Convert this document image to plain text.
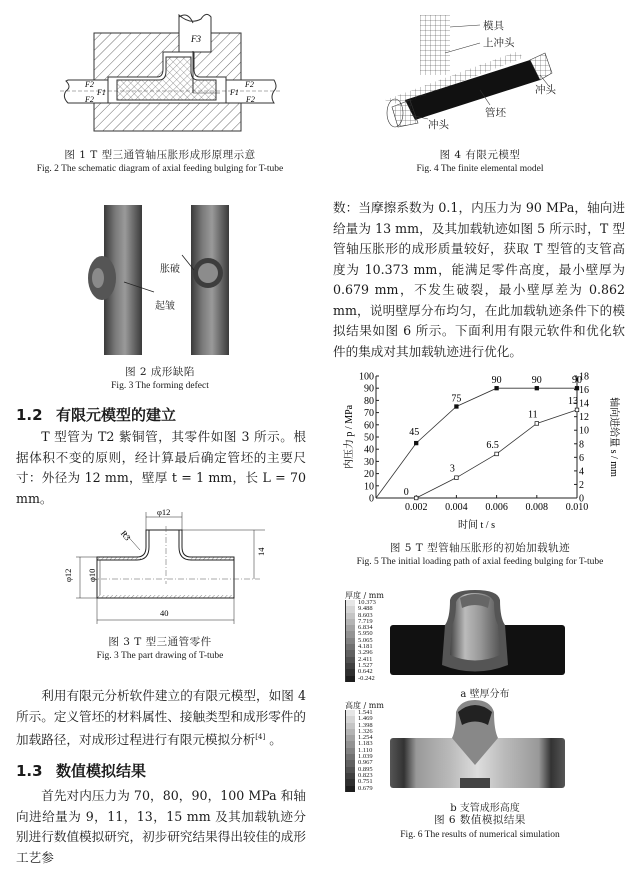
F3
F2
F1
F2
F2
F1
F2
图 1 T 型三通管轴压胀形成形原理示意
Fig. 2 The schematic diagram of axial feeding bulging for T-tube
胀破
起皱
图 2 成形缺陷
Fig. 3 The forming defect
1.2 有限元模型的建立

T 型管为 T2 紫铜管，其零件如图 3 所示。根据体积不变的原则，经计算最后确定管坯的主要尺寸：外径为 12 mm，壁厚 t = 1 mm，长 L = 70 mm。

φ12
R3
φ12 φ10
14
40
图 3 T 型三通管零件
Fig. 3 The part drawing of T-tube

利用有限元分析软件建立的有限元模型，如图 4 所示。定义管坯的材料属性、接触类型和成形零件的加载路径，对成形过程进行有限元模拟分析[4] 。

1.3 数值模拟结果

首先对内压力为 70，80，90，100 MPa 和轴向进给量为 9，11，13，15 mm 及其加载轨迹分别进行数值模拟研究，初步研究结果得出较佳的成形工艺参

模具
上冲头
冲头
管坯
冲头
图 4 有限元模型
Fig. 4 The finite elemental model

数：当摩擦系数为 0.1，内压力为 90 MPa，轴向进给量为 13 mm，及其加载轨迹如图 5 所示时，T 型管轴压胀形的成形质量较好，获取 T 型管的支管高度为 10.373 mm，能满足零件高度，最小壁厚为 0.679 mm，不发生破裂，最小壁厚差为 0.862 mm，说明壁厚分布均匀，在此加载轨迹条件下的模拟结果如图 6 所示。下面利用有限元软件和优化软件的集成对其加载轨迹进行优化。

0
10
20
30
40
50
60
70
80
90
100
0
2
4
6
8
10
12
14
16
18
0.002 0.004 0.006 0.008 0.010
45
75
90	90	90
0
3
6.5
11
13
内压力 p / MPa	轴向进给量 s / mm
时间 t / s
图 5 T 型管轴压胀形的初始加载轨迹
Fig. 5 The initial loading path of axial feeding bulging for T-tube
厚度 / mm
10.373
9.488
8.603
7.719
6.834
5.950
5.065
4.181
3.296
2.411
1.527
0.642
-0.242
a 壁厚分布
高度 / mm
1.541
1.469
1.398
1.326
1.254
1.183
1.110
1.039
0.967
0.895
0.823
0.751
0.679
b 支管成形高度
图 6 数值模拟结果
Fig. 6 The results of numerical simulation
